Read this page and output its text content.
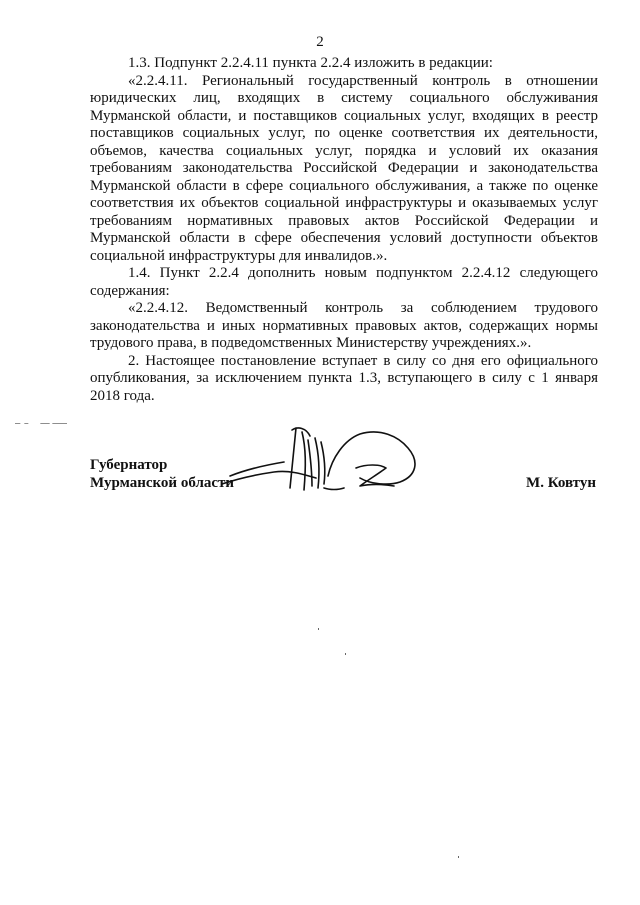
2

1.3. Подпункт 2.2.4.11 пункта 2.2.4 изложить в редакции:

«2.2.4.11. Региональный государственный контроль в отношении юридических лиц, входящих в систему социального обслуживания Мурманской области, и поставщиков социальных услуг, входящих в реестр поставщиков социальных услуг, по оценке соответствия их деятельности, объемов, качества социальных услуг, порядка и условий их оказания требованиям законодательства Российской Федерации и законодательства Мурманской области в сфере социального обслуживания, а также по оценке соответствия их объектов социальной инфраструктуры и оказываемых услуг требованиям нормативных правовых актов Российской Федерации и Мурманской области в сфере обеспечения условий доступности объектов социальной инфраструктуры для инвалидов.».

1.4. Пункт 2.2.4 дополнить новым подпунктом 2.2.4.12 следующего содержания:

«2.2.4.12. Ведомственный контроль за соблюдением трудового законодательства и иных нормативных правовых актов, содержащих нормы трудового права, в подведомственных Министерству учреждениях.».

2. Настоящее постановление вступает в силу со дня его официального опубликования, за исключением пункта 1.3, вступающего в силу с 1 января 2018 года.

Губернатор
Мурманской области	М. Ковтун
